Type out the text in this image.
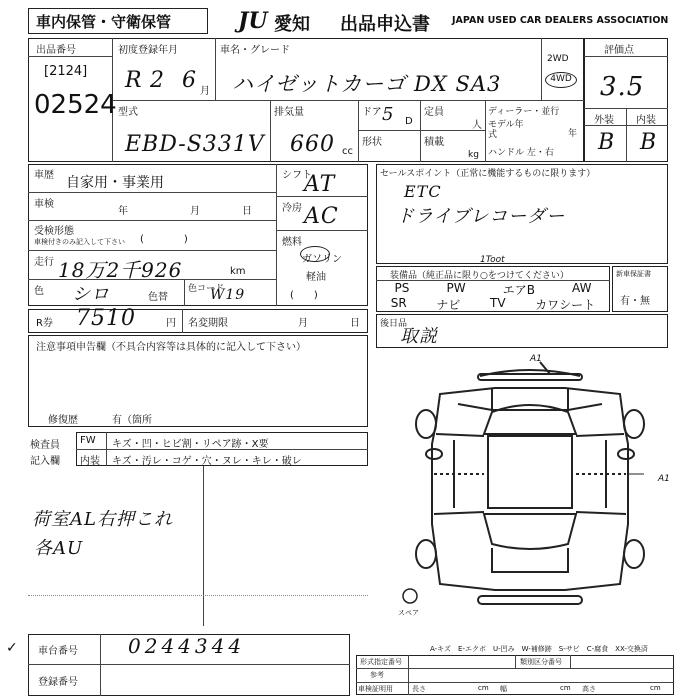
車内保管・守衛保管	JU 愛知 出品申込書 JAPAN USED CAR DEALERS ASSOCIATION
出品番号
[2124]
02524
初度登録年月
R 2 6 月
車名・グレード
ハイゼットカーゴ DX SA3
2WD
4WD
型式
EBD-S331V
排気量
660 cc
ドア 5 D
形状
定員
人
積載
kg
ディーラー・並行
モデル年式	年
ハンドル 左・右
評価点
3.5
外装 内装
B B
車歴 自家用・事業用
車検
年	月	日
受検形態
車検付きのみ記入して下さい (　　　　)
走行 18万2千926	km
色 シロ	色替
色コード
W19
シフト
AT
冷房 AC
燃料
ガソリン
軽油
(　　)
セールスポイント（正常に機能するものに限ります）
ETC
ドライブレコーダー
装備品（純正品に限り○をつけてください）
1Toot
PS	PW	エアB	AW
SR ナビ TV カワシート
新車保証書
有・無
R券 7510	円 名変期限	月	日 後日品
取説
注意事項申告欄（不具合内容等は具体的に記入して下さい）
修復歴	有（箇所
検査員
記入欄
FW キズ・凹・ヒビ割・リペア跡・X要
内装 キズ・汚レ・コゲ・穴・ヌレ・キレ・破レ
荷室AL右押これ
各AU
A1
A1
スペア
A-キズ　E-エクボ　U-凹み　W-補修跡　S-サビ　C-腐食　XX-交換済
✓ 車台番号	0244344
登録番号
形式指定番号	類別区分番号
参考
車検証明用	長さ	cm 幅	cm 高さ	cm
